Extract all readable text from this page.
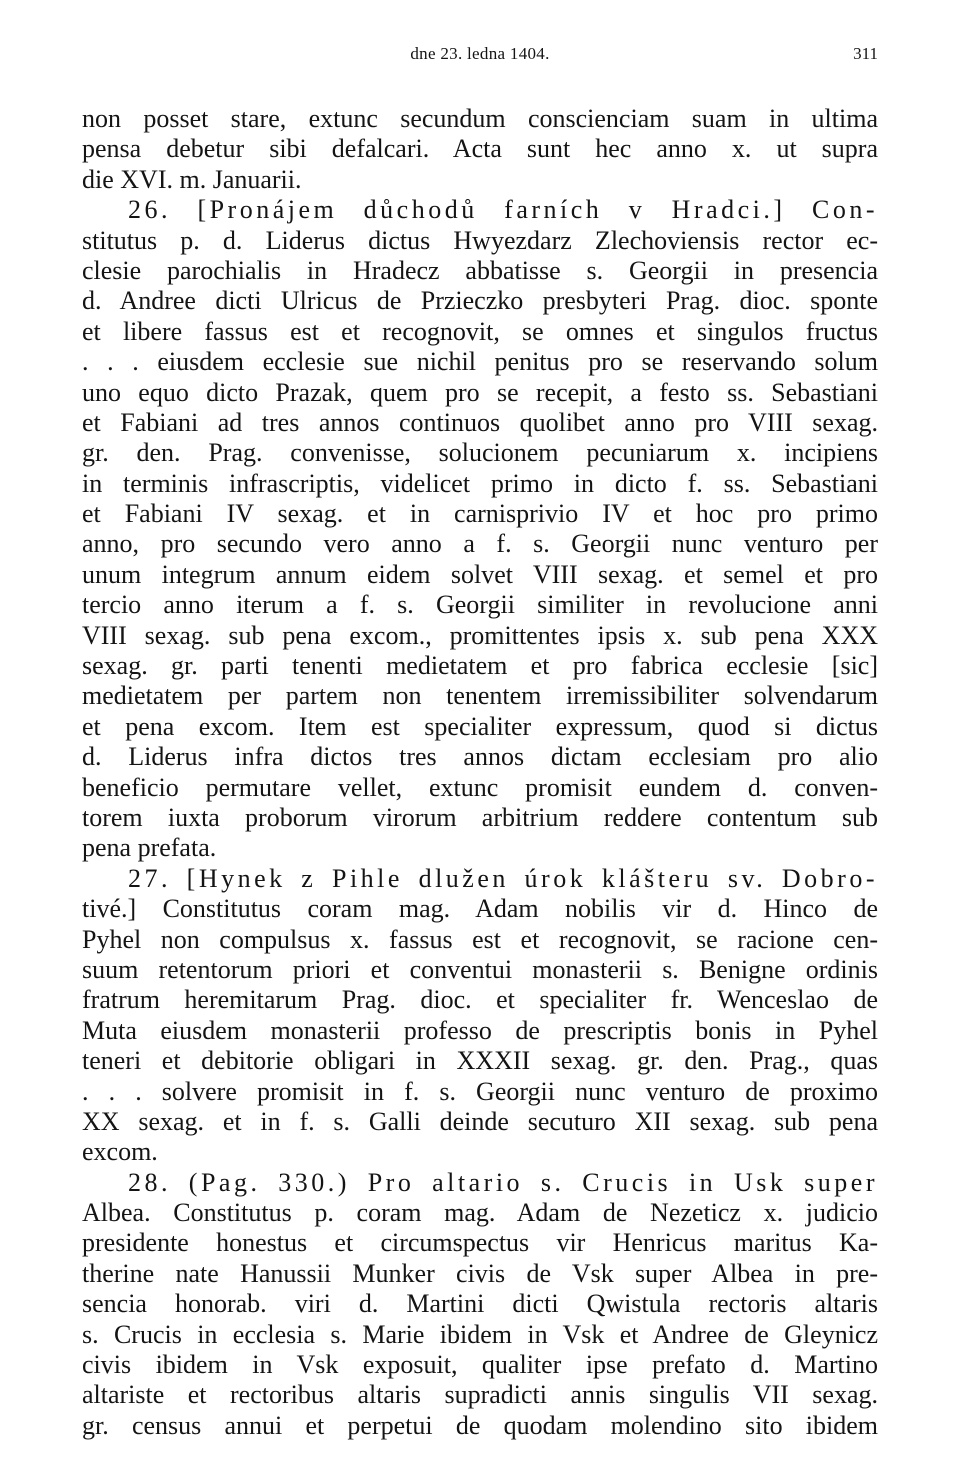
dne 23. ledna 1404.	311
non posset stare, extunc secundum conscienciam suam in ultima
pensa debetur sibi defalcari. Acta sunt hec anno x. ut supra
die XVI. m. Januarii.
26. [Pronájem důchodů farních v Hradci.] Con-
stitutus p. d. Liderus dictus Hwyezdarz Zlechoviensis rector ec-
clesie parochialis in Hradecz abbatisse s. Georgii in presencia
d. Andree dicti Ulricus de Przieczko presbyteri Prag. dioc. sponte
et libere fassus est et recognovit, se omnes et singulos fructus
. . . eiusdem ecclesie sue nichil penitus pro se reservando solum
uno equo dicto Prazak, quem pro se recepit, a festo ss. Sebastiani
et Fabiani ad tres annos continuos quolibet anno pro VIII sexag.
gr. den. Prag. convenisse, solucionem pecuniarum x. incipiens
in terminis infrascriptis, videlicet primo in dicto f. ss. Sebastiani
et Fabiani IV sexag. et in carnisprivio IV et hoc pro primo
anno, pro secundo vero anno a f. s. Georgii nunc venturo per
unum integrum annum eidem solvet VIII sexag. et semel et pro
tercio anno iterum a f. s. Georgii similiter in revolucione anni
VIII sexag. sub pena excom., promittentes ipsis x. sub pena XXX
sexag. gr. parti tenenti medietatem et pro fabrica ecclesie [sic]
medietatem per partem non tenentem irremissibiliter solvendarum
et pena excom. Item est specialiter expressum, quod si dictus
d. Liderus infra dictos tres annos dictam ecclesiam pro alio
beneficio permutare vellet, extunc promisit eundem d. conven-
torem iuxta proborum virorum arbitrium reddere contentum sub
pena prefata.
27. [Hynek z Pihle dlužen úrok klášteru sv. Dobro-
tivé.] Constitutus coram mag. Adam nobilis vir d. Hinco de
Pyhel non compulsus x. fassus est et recognovit, se racione cen-
suum retentorum priori et conventui monasterii s. Benigne ordinis
fratrum heremitarum Prag. dioc. et specialiter fr. Wenceslao de
Muta eiusdem monasterii professo de prescriptis bonis in Pyhel
teneri et debitorie obligari in XXXII sexag. gr. den. Prag., quas
. . . solvere promisit in f. s. Georgii nunc venturo de proximo
XX sexag. et in f. s. Galli deinde secuturo XII sexag. sub pena
excom.
28. (Pag. 330.) Pro altario s. Crucis in Usk super
Albea. Constitutus p. coram mag. Adam de Nezeticz x. judicio
presidente honestus et circumspectus vir Henricus maritus Ka-
therine nate Hanussii Munker civis de Vsk super Albea in pre-
sencia honorab. viri d. Martini dicti Qwistula rectoris altaris
s. Crucis in ecclesia s. Marie ibidem in Vsk et Andree de Gleynicz
civis ibidem in Vsk exposuit, qualiter ipse prefato d. Martino
altariste et rectoribus altaris supradicti annis singulis VII sexag.
gr. census annui et perpetui de quodam molendino sito ibidem
